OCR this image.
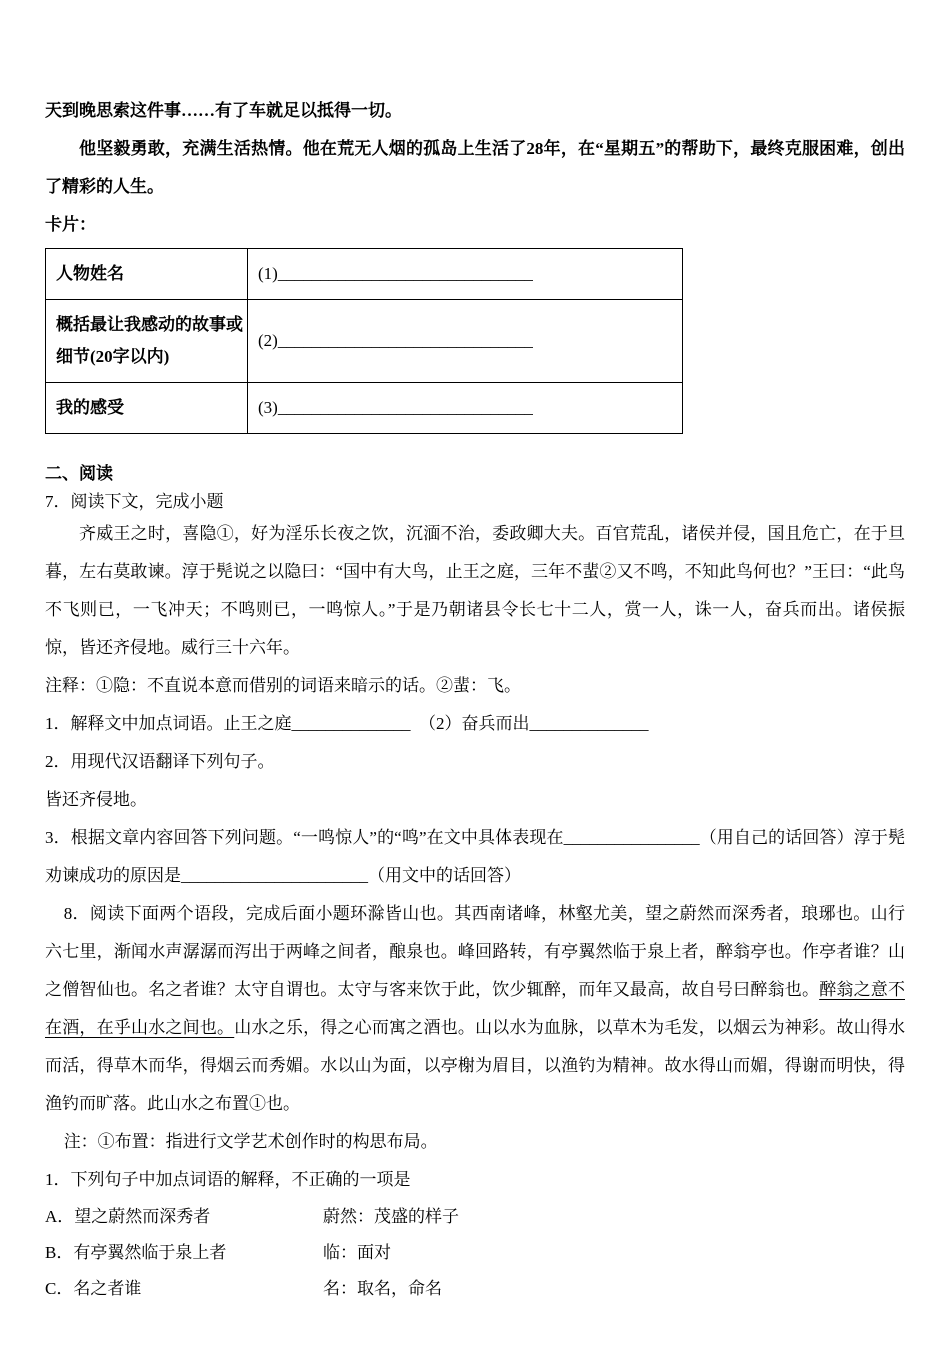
天到晚思索这件事……有了车就足以抵得一切。

他坚毅勇敢，充满生活热情。他在荒无人烟的孤岛上生活了28年，在“星期五”的帮助下，最终克服困难，创出了精彩的人生。

卡片：

人物姓名	(1)______________________________
概括最让我感动的故事或细节(20字以内)	(2)______________________________
我的感受	(3)______________________________

二、阅读

7．阅读下文，完成小题

齐威王之时，喜隐①，好为淫乐长夜之饮，沉湎不治，委政卿大夫。百官荒乱，诸侯并侵，国且危亡，在于旦暮，左右莫敢谏。淳于髡说之以隐曰：“国中有大鸟，止王之庭，三年不蜚②又不鸣，不知此鸟何也？”王曰：“此鸟不飞则已，一飞冲天；不鸣则已，一鸣惊人。”于是乃朝诸县令长七十二人，赏一人，诛一人，奋兵而出。诸侯振惊，皆还齐侵地。威行三十六年。

注释：①隐：不直说本意而借别的词语来暗示的话。②蜚：飞。

1．解释文中加点词语。止王之庭______________　（2）奋兵而出______________

2．用现代汉语翻译下列句子。

皆还齐侵地。

3．根据文章内容回答下列问题。“一鸣惊人”的“鸣”在文中具体表现在________________（用自己的话回答）淳于髡劝谏成功的原因是______________________（用文中的话回答）

8．阅读下面两个语段，完成后面小题环滁皆山也。其西南诸峰，林壑尤美，望之蔚然而深秀者，琅琊也。山行六七里，渐闻水声潺潺而泻出于两峰之间者，酿泉也。峰回路转，有亭翼然临于泉上者，醉翁亭也。作亭者谁？山之僧智仙也。名之者谁？太守自谓也。太守与客来饮于此，饮少辄醉，而年又最高，故自号曰醉翁也。醉翁之意不在酒，在乎山水之间也。山水之乐，得之心而寓之酒也。山以水为血脉，以草木为毛发，以烟云为神彩。故山得水而活，得草木而华，得烟云而秀媚。水以山为面，以亭榭为眉目，以渔钓为精神。故水得山而媚，得谢而明快，得渔钓而旷落。此山水之布置①也。

注：①布置：指进行文学艺术创作时的构思布局。

1．下列句子中加点词语的解释，不正确的一项是

A．望之蔚然而深秀者	蔚然：茂盛的样子
B．有亭翼然临于泉上者	临：面对
C．名之者谁	名：取名，命名
